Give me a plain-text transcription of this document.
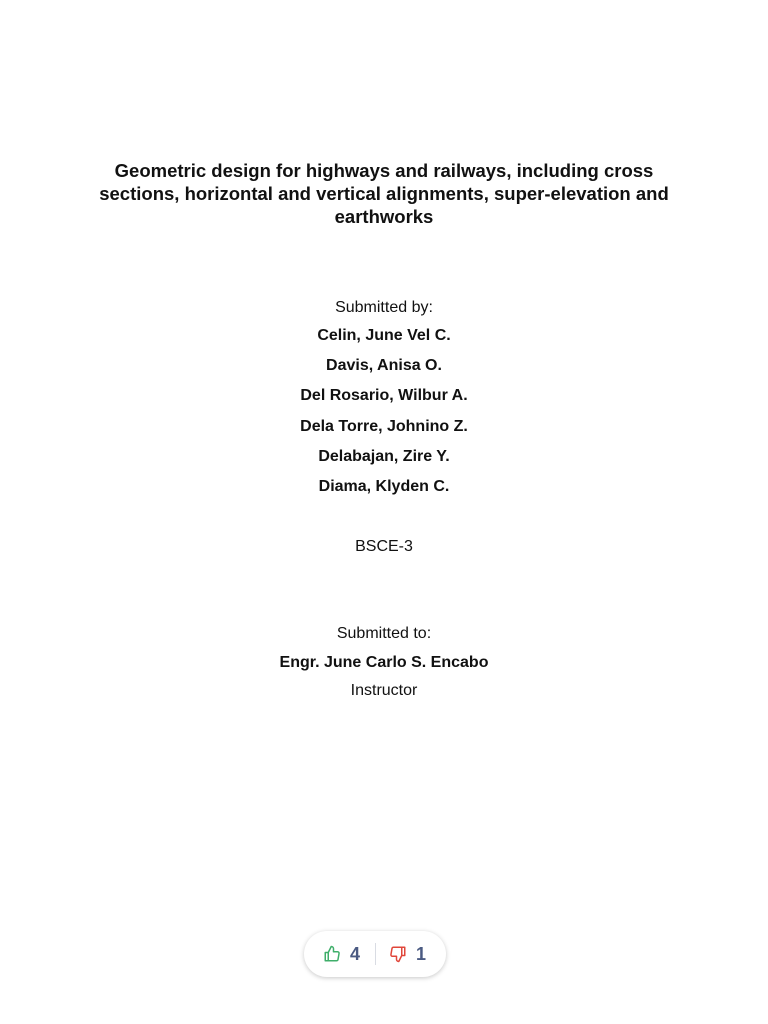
Geometric design for highways and railways, including cross sections, horizontal and vertical alignments, super-elevation and earthworks
Submitted by:
Celin, June Vel C.
Davis, Anisa O.
Del Rosario, Wilbur A.
Dela Torre, Johnino Z.
Delabajan, Zire Y.
Diama, Klyden C.
BSCE-3
Submitted to:
Engr. June Carlo S. Encabo
Instructor
4	1
